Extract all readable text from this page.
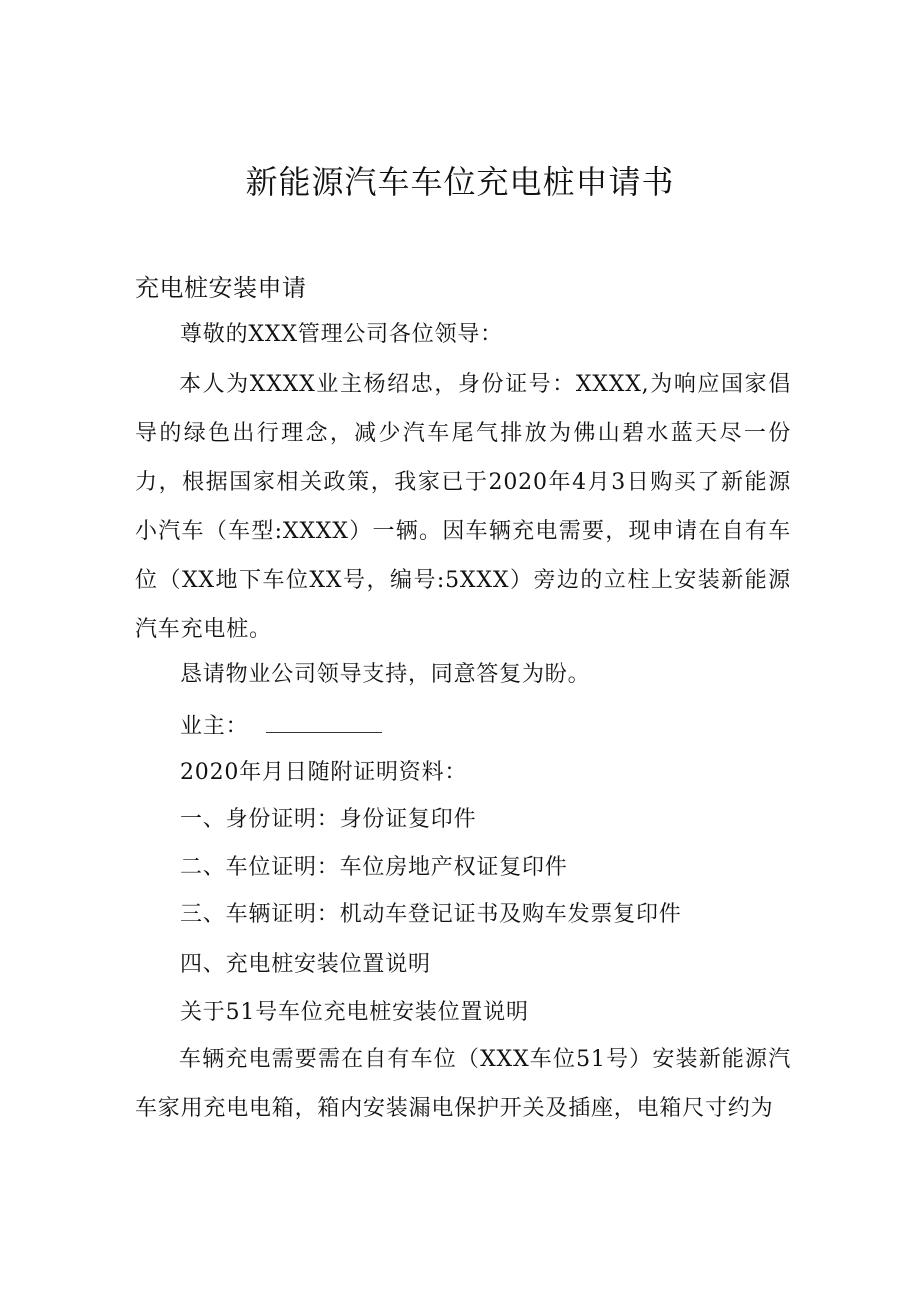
新能源汽车车位充电桩申请书
充电桩安装申请
尊敬的XXX管理公司各位领导：
本人为XXXX业主杨绍忠，身份证号：XXXX,为响应国家倡导的绿色出行理念，减少汽车尾气排放为佛山碧水蓝天尽一份力，根据国家相关政策，我家已于2020年4月3日购买了新能源小汽车（车型:XXXX）一辆。因车辆充电需要，现申请在自有车位（XX地下车位XX号，编号:5XXX）旁边的立柱上安装新能源汽车充电桩。
恳请物业公司领导支持，同意答复为盼。
业主：
2020年月日随附证明资料：
一、身份证明：身份证复印件
二、车位证明：车位房地产权证复印件
三、车辆证明：机动车登记证书及购车发票复印件
四、充电桩安装位置说明
关于51号车位充电桩安装位置说明
车辆充电需要需在自有车位（XXX车位51号）安装新能源汽车家用充电电箱，箱内安装漏电保护开关及插座，电箱尺寸约为
